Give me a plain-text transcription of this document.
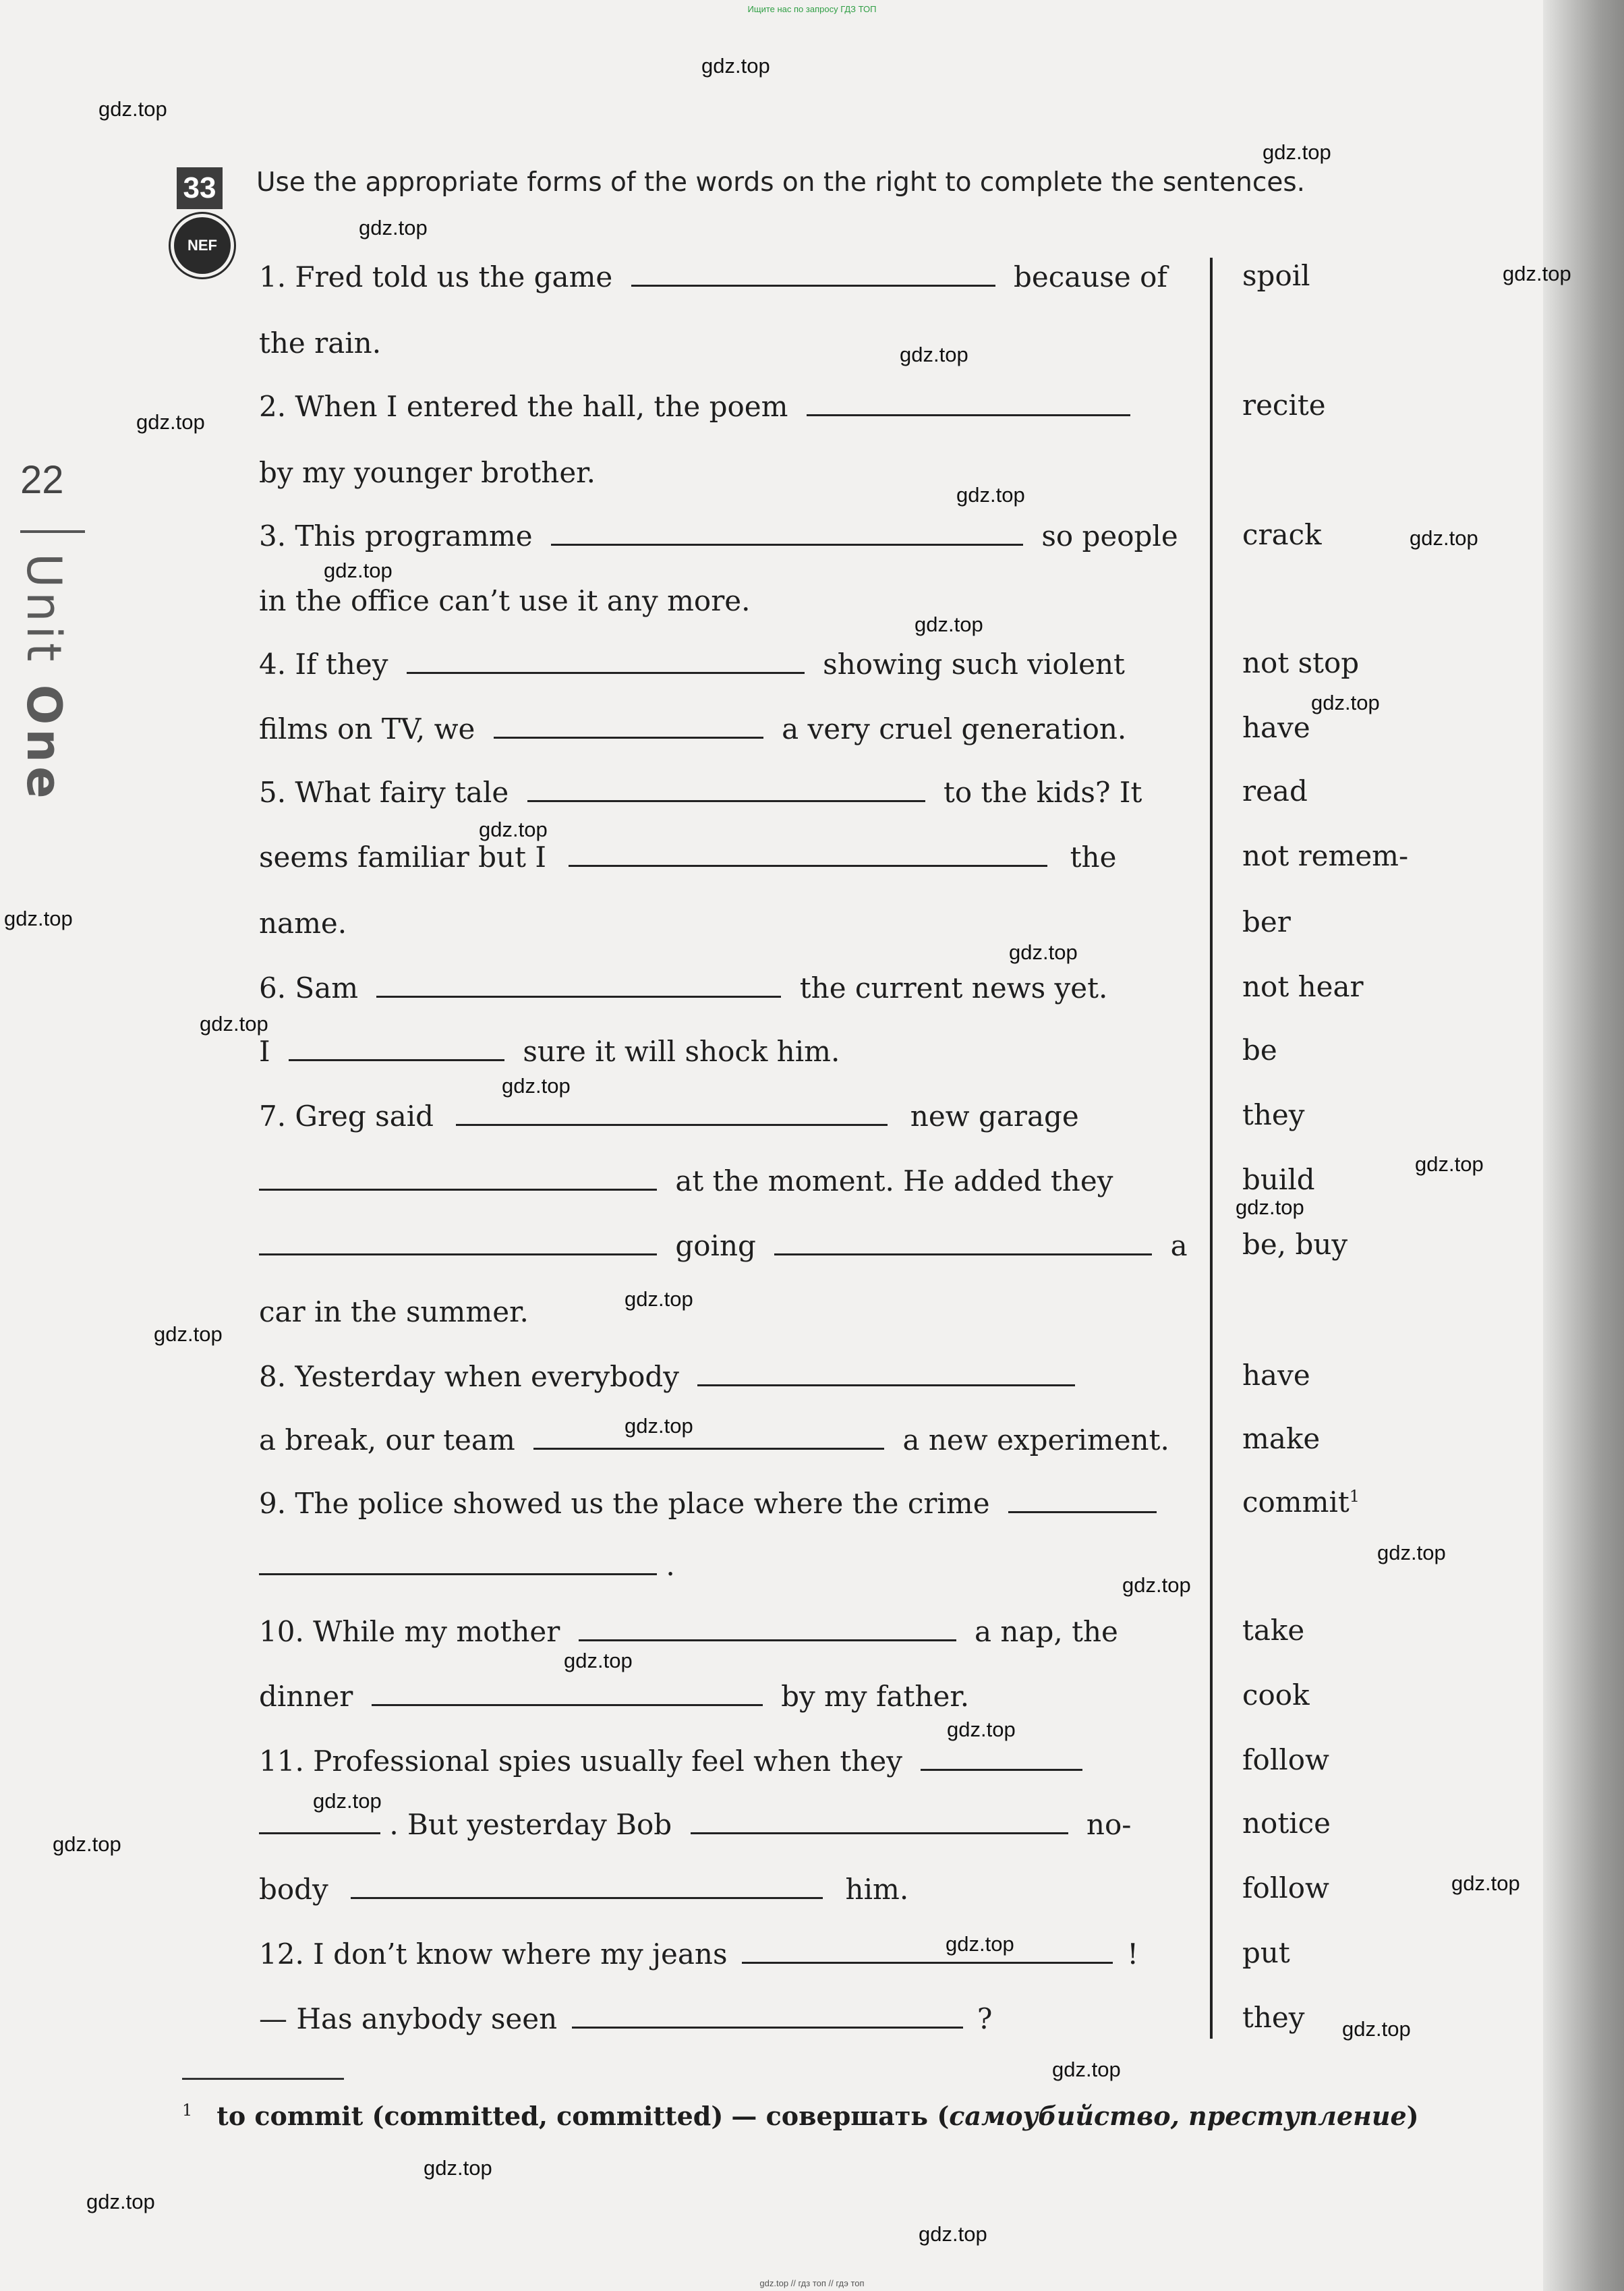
Ищите нас по запросу ГДЗ ТОП
22
Unit One
33
NEF
Use the appropriate forms of the words on the right to complete the sentences.
1. Fred told us the game	because of
the rain.
2. When I entered the hall, the poem
by my younger brother.
3. This programme	so people
in the office can’t use it any more.
4. If they	showing such violent
films on TV, we	a very cruel generation.
5. What fairy tale	to the kids? It
seems familiar but I	the
name.
6. Sam	the current news yet.
I	sure it will shock him.
7. Greg said	new garage
at the moment. He added they
going	a
car in the summer.
8. Yesterday when everybody
a break, our team	a new experiment.
9. The police showed us the place where the crime
.
10. While my mother	a nap, the
dinner	by my father.
11. Professional spies usually feel when they
. But yesterday Bob	no-
body	him.
12. I don’t know where my jeans	!
— Has anybody seen	?
spoil
recite
crack
not stop
have
read
not remem-
ber
not hear
be
they
build
be, buy
have
make
commit$^1$
take
cook
follow
notice
follow
put
they
$^1$ to commit (committed, committed) — совершать (самоубийство, преступление)
gdz.top
gdz.top
gdz.top
gdz.top
gdz.top
gdz.top
gdz.top
gdz.top
gdz.top
gdz.top
gdz.top
gdz.top
gdz.top
gdz.top
gdz.top
gdz.top
gdz.top
gdz.top
gdz.top
gdz.top
gdz.top
gdz.top
gdz.top
gdz.top
gdz.top
gdz.top
gdz.top
gdz.top
gdz.top
gdz.top
gdz.top
gdz.top
gdz.top
gdz.top
gdz.top
gdz.top // гдз топ // гдэ топ
